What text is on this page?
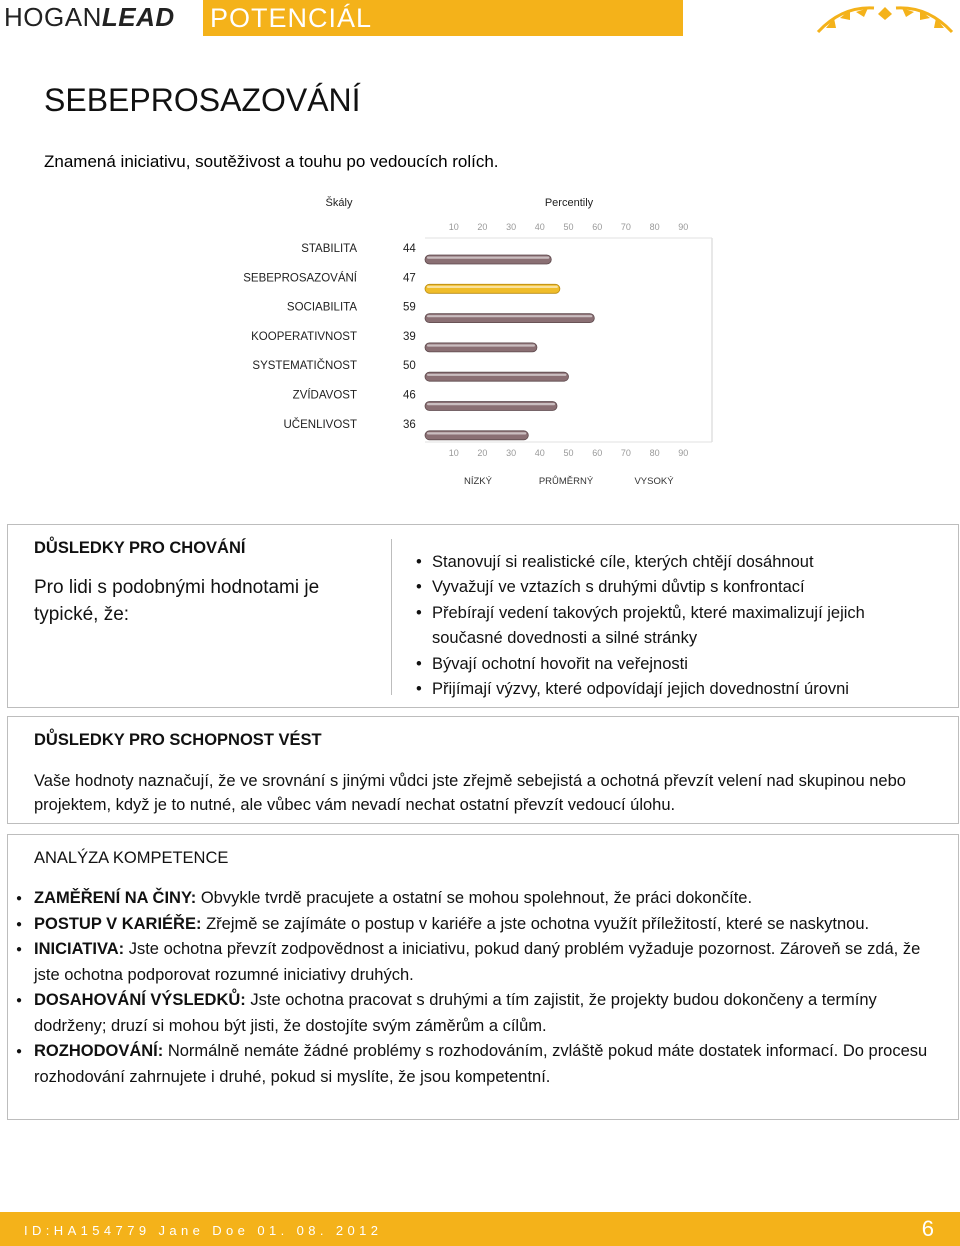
HOGANLEAD POTENCIÁL
SEBEPROSAZOVÁNÍ
Znamená iniciativu, soutěživost a touhu po vedoucích rolích.
Škály	Percentily
10
10
20
20
30
30
40
40
50
50
60
60
70
70
80
80
90
90
STABILITA	44
SEBEPROSAZOVÁNÍ	47
SOCIABILITA	59
KOOPERATIVNOST	39
SYSTEMATIČNOST	50
ZVÍDAVOST	46
UČENLIVOST	36
NÍZKÝ	PRŮMĚRNÝ	VYSOKÝ
DŮSLEDKY PRO CHOVÁNÍ
Pro lidi s podobnými hodnotami je typické, že:
• Stanovují si realistické cíle, kterých chtějí dosáhnout
• Vyvažují ve vztazích s druhými důvtip s konfrontací
• Přebírají vedení takových projektů, které maximalizují jejich současné dovednosti a silné stránky
• Bývají ochotní hovořit na veřejnosti
• Přijímají výzvy, které odpovídají jejich dovednostní úrovni
DŮSLEDKY PRO SCHOPNOST VÉST
Vaše hodnoty naznačují, že ve srovnání s jinými vůdci jste zřejmě sebejistá a ochotná převzít velení nad skupinou nebo projektem, když je to nutné, ale vůbec vám nevadí nechat ostatní převzít vedoucí úlohu.
ANALÝZA KOMPETENCE
● ZAMĚŘENÍ NA ČINY: Obvykle tvrdě pracujete a ostatní se mohou spolehnout, že práci dokončíte.
● POSTUP V KARIÉŘE: Zřejmě se zajímáte o postup v kariéře a jste ochotna využít příležitostí, které se naskytnou.
● INICIATIVA: Jste ochotna převzít zodpovědnost a iniciativu, pokud daný problém vyžaduje pozornost. Zároveň se zdá, že jste ochotna podporovat rozumné iniciativy druhých.
● DOSAHOVÁNÍ VÝSLEDKŮ: Jste ochotna pracovat s druhými a tím zajistit, že projekty budou dokončeny a termíny dodrženy; druzí si mohou být jisti, že dostojíte svým záměrům a cílům.
● ROZHODOVÁNÍ: Normálně nemáte žádné problémy s rozhodováním, zvláště pokud máte dostatek informací. Do procesu rozhodování zahrnujete i druhé, pokud si myslíte, že jsou kompetentní.
ID:HA154779 Jane Doe 01. 08. 2012	6
